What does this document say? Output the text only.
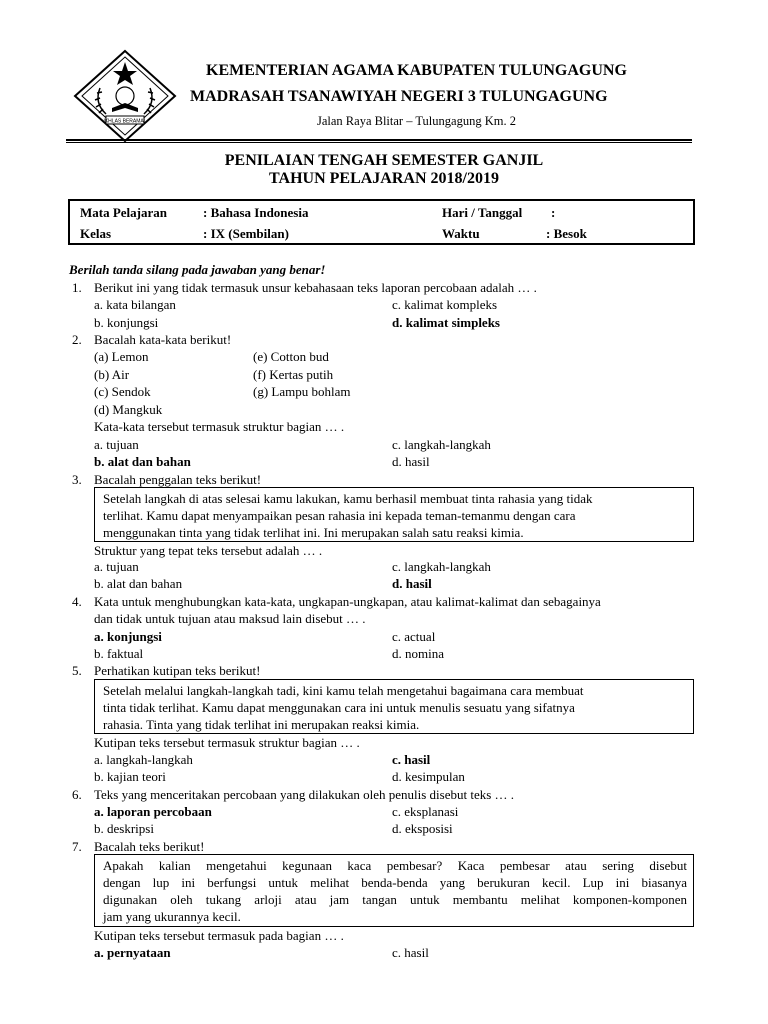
IKHLAS BERAMAL
KEMENTERIAN AGAMA KABUPATEN TULUNGAGUNG
MADRASAH TSANAWIYAH NEGERI 3 TULUNGAGUNG
Jalan Raya Blitar – Tulungagung Km. 2
PENILAIAN TENGAH SEMESTER GANJIL
TAHUN PELAJARAN 2018/2019
Mata Pelajaran	: Bahasa Indonesia	Hari / Tanggal :
Kelas	: IX (Sembilan)	Waktu	: Besok
Berilah tanda silang pada jawaban yang benar!
1. Berikut ini yang tidak termasuk unsur kebahasaan teks laporan percobaan adalah … .
a. kata bilangan	c. kalimat kompleks
b. konjungsi	d. kalimat simpleks
2. Bacalah kata-kata berikut!
(a) Lemon
(b) Air
(c) Sendok
(d) Mangkuk
(e) Cotton bud
(f) Kertas putih
(g) Lampu bohlam
Kata-kata tersebut termasuk struktur bagian … .
a. tujuan	c. langkah-langkah
b. alat dan bahan	d. hasil
3. Bacalah penggalan teks berikut!
Setelah langkah di atas selesai kamu lakukan, kamu berhasil membuat tinta rahasia yang tidak
terlihat. Kamu dapat menyampaikan pesan rahasia ini kepada teman-temanmu dengan cara
menggunakan tinta yang tidak terlihat ini. Ini merupakan salah satu reaksi kimia.
Struktur yang tepat teks tersebut adalah … .
a. tujuan	c. langkah-langkah
b. alat dan bahan	d. hasil
4. Kata untuk menghubungkan kata-kata, ungkapan-ungkapan, atau kalimat-kalimat dan sebagainya
dan tidak untuk tujuan atau maksud lain disebut … .
a. konjungsi	c. actual
b. faktual	d. nomina
5. Perhatikan kutipan teks berikut!
Setelah melalui langkah-langkah tadi, kini kamu telah mengetahui bagaimana cara membuat
tinta tidak terlihat. Kamu dapat menggunakan cara ini untuk menulis sesuatu yang sifatnya
rahasia. Tinta yang tidak terlihat ini merupakan reaksi kimia.
Kutipan teks tersebut termasuk struktur bagian … .
a. langkah-langkah	c. hasil
b. kajian teori	d. kesimpulan
6. Teks yang menceritakan percobaan yang dilakukan oleh penulis disebut teks … .
a. laporan percobaan	c. eksplanasi
b. deskripsi	d. eksposisi
7. Bacalah teks berikut!
Apakah kalian mengetahui kegunaan kaca pembesar? Kaca pembesar atau sering disebut
dengan lup ini berfungsi untuk melihat benda-benda yang berukuran kecil. Lup ini biasanya
digunakan oleh tukang arloji atau jam tangan untuk membantu melihat komponen-komponen
jam yang ukurannya kecil.
Kutipan teks tersebut termasuk pada bagian … .
a. pernyataan	c. hasil
